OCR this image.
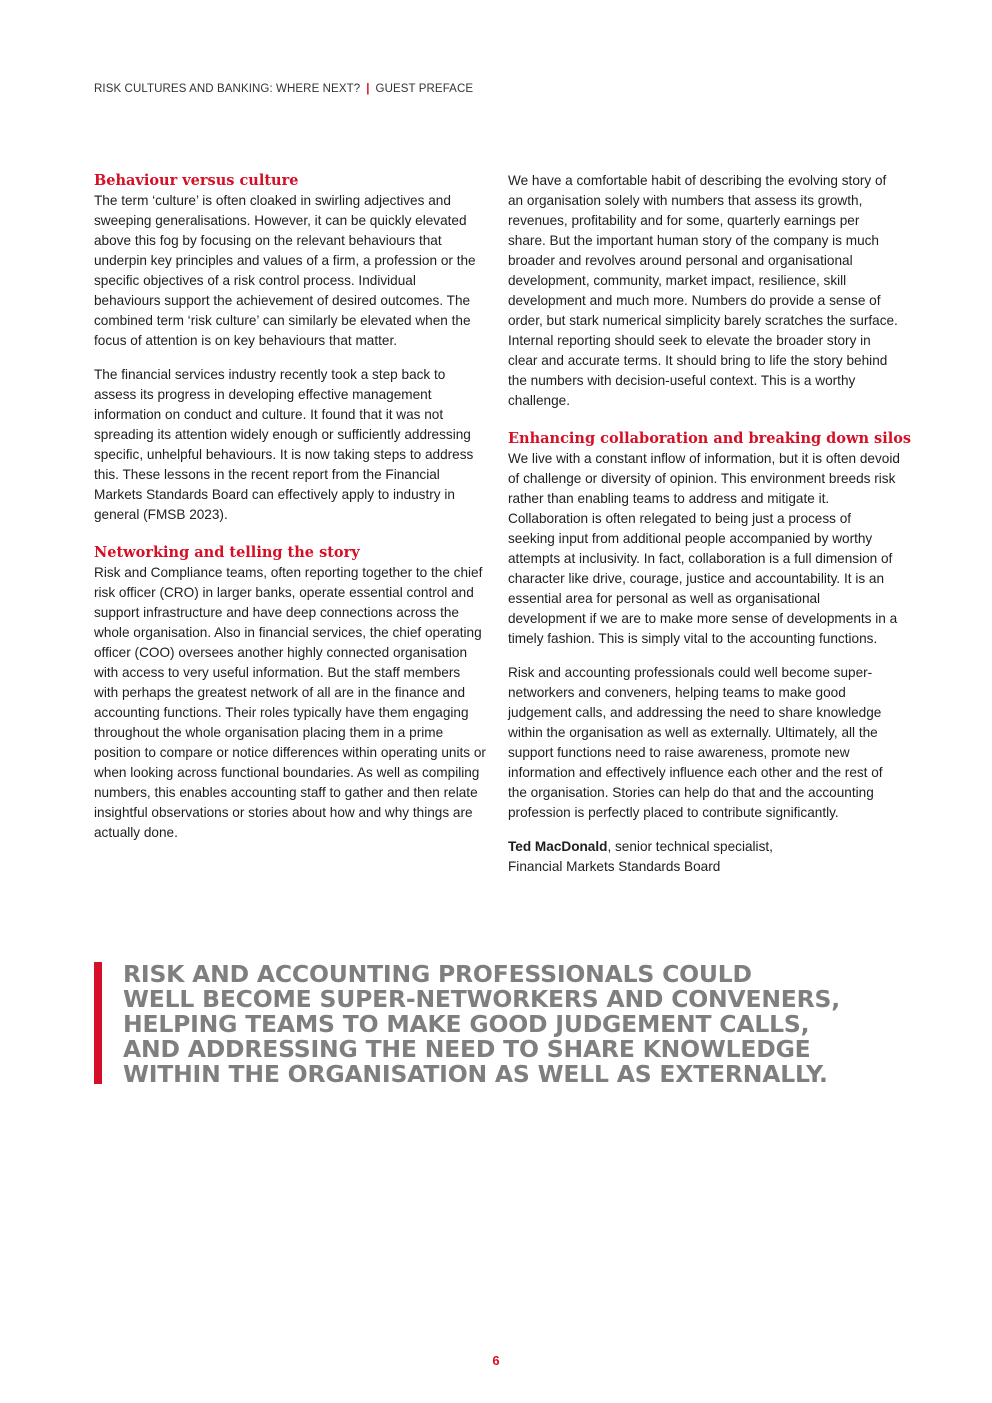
RISK CULTURES AND BANKING: WHERE NEXT? | GUEST PREFACE
Behaviour versus culture

The term ‘culture’ is often cloaked in swirling adjectives and sweeping generalisations. However, it can be quickly elevated above this fog by focusing on the relevant behaviours that underpin key principles and values of a firm, a profession or the specific objectives of a risk control process. Individual behaviours support the achievement of desired outcomes. The combined term ‘risk culture’ can similarly be elevated when the focus of attention is on key behaviours that matter.

The financial services industry recently took a step back to assess its progress in developing effective management information on conduct and culture. It found that it was not spreading its attention widely enough or sufficiently addressing specific, unhelpful behaviours. It is now taking steps to address this. These lessons in the recent report from the Financial Markets Standards Board can effectively apply to industry in general (FMSB 2023).

Networking and telling the story

Risk and Compliance teams, often reporting together to the chief risk officer (CRO) in larger banks, operate essential control and support infrastructure and have deep connections across the whole organisation. Also in financial services, the chief operating officer (COO) oversees another highly connected organisation with access to very useful information. But the staff members with perhaps the greatest network of all are in the finance and accounting functions. Their roles typically have them engaging throughout the whole organisation placing them in a prime position to compare or notice differences within operating units or when looking across functional boundaries. As well as compiling numbers, this enables accounting staff to gather and then relate insightful observations or stories about how and why things are actually done.

We have a comfortable habit of describing the evolving story of an organisation solely with numbers that assess its growth, revenues, profitability and for some, quarterly earnings per share. But the important human story of the company is much broader and revolves around personal and organisational development, community, market impact, resilience, skill development and much more. Numbers do provide a sense of order, but stark numerical simplicity barely scratches the surface. Internal reporting should seek to elevate the broader story in clear and accurate terms. It should bring to life the story behind the numbers with decision-useful context. This is a worthy challenge.

Enhancing collaboration and breaking down silos

We live with a constant inflow of information, but it is often devoid of challenge or diversity of opinion. This environment breeds risk rather than enabling teams to address and mitigate it. Collaboration is often relegated to being just a process of seeking input from additional people accompanied by worthy attempts at inclusivity. In fact, collaboration is a full dimension of character like drive, courage, justice and accountability. It is an essential area for personal as well as organisational development if we are to make more sense of developments in a timely fashion. This is simply vital to the accounting functions.

Risk and accounting professionals could well become super-networkers and conveners, helping teams to make good judgement calls, and addressing the need to share knowledge within the organisation as well as externally. Ultimately, all the support functions need to raise awareness, promote new information and effectively influence each other and the rest of the organisation. Stories can help do that and the accounting profession is perfectly placed to contribute significantly.

Ted MacDonald, senior technical specialist,
Financial Markets Standards Board

RISK AND ACCOUNTING PROFESSIONALS COULD
WELL BECOME SUPER-NETWORKERS AND CONVENERS,
HELPING TEAMS TO MAKE GOOD JUDGEMENT CALLS,
AND ADDRESSING THE NEED TO SHARE KNOWLEDGE
WITHIN THE ORGANISATION AS WELL AS EXTERNALLY.
6
